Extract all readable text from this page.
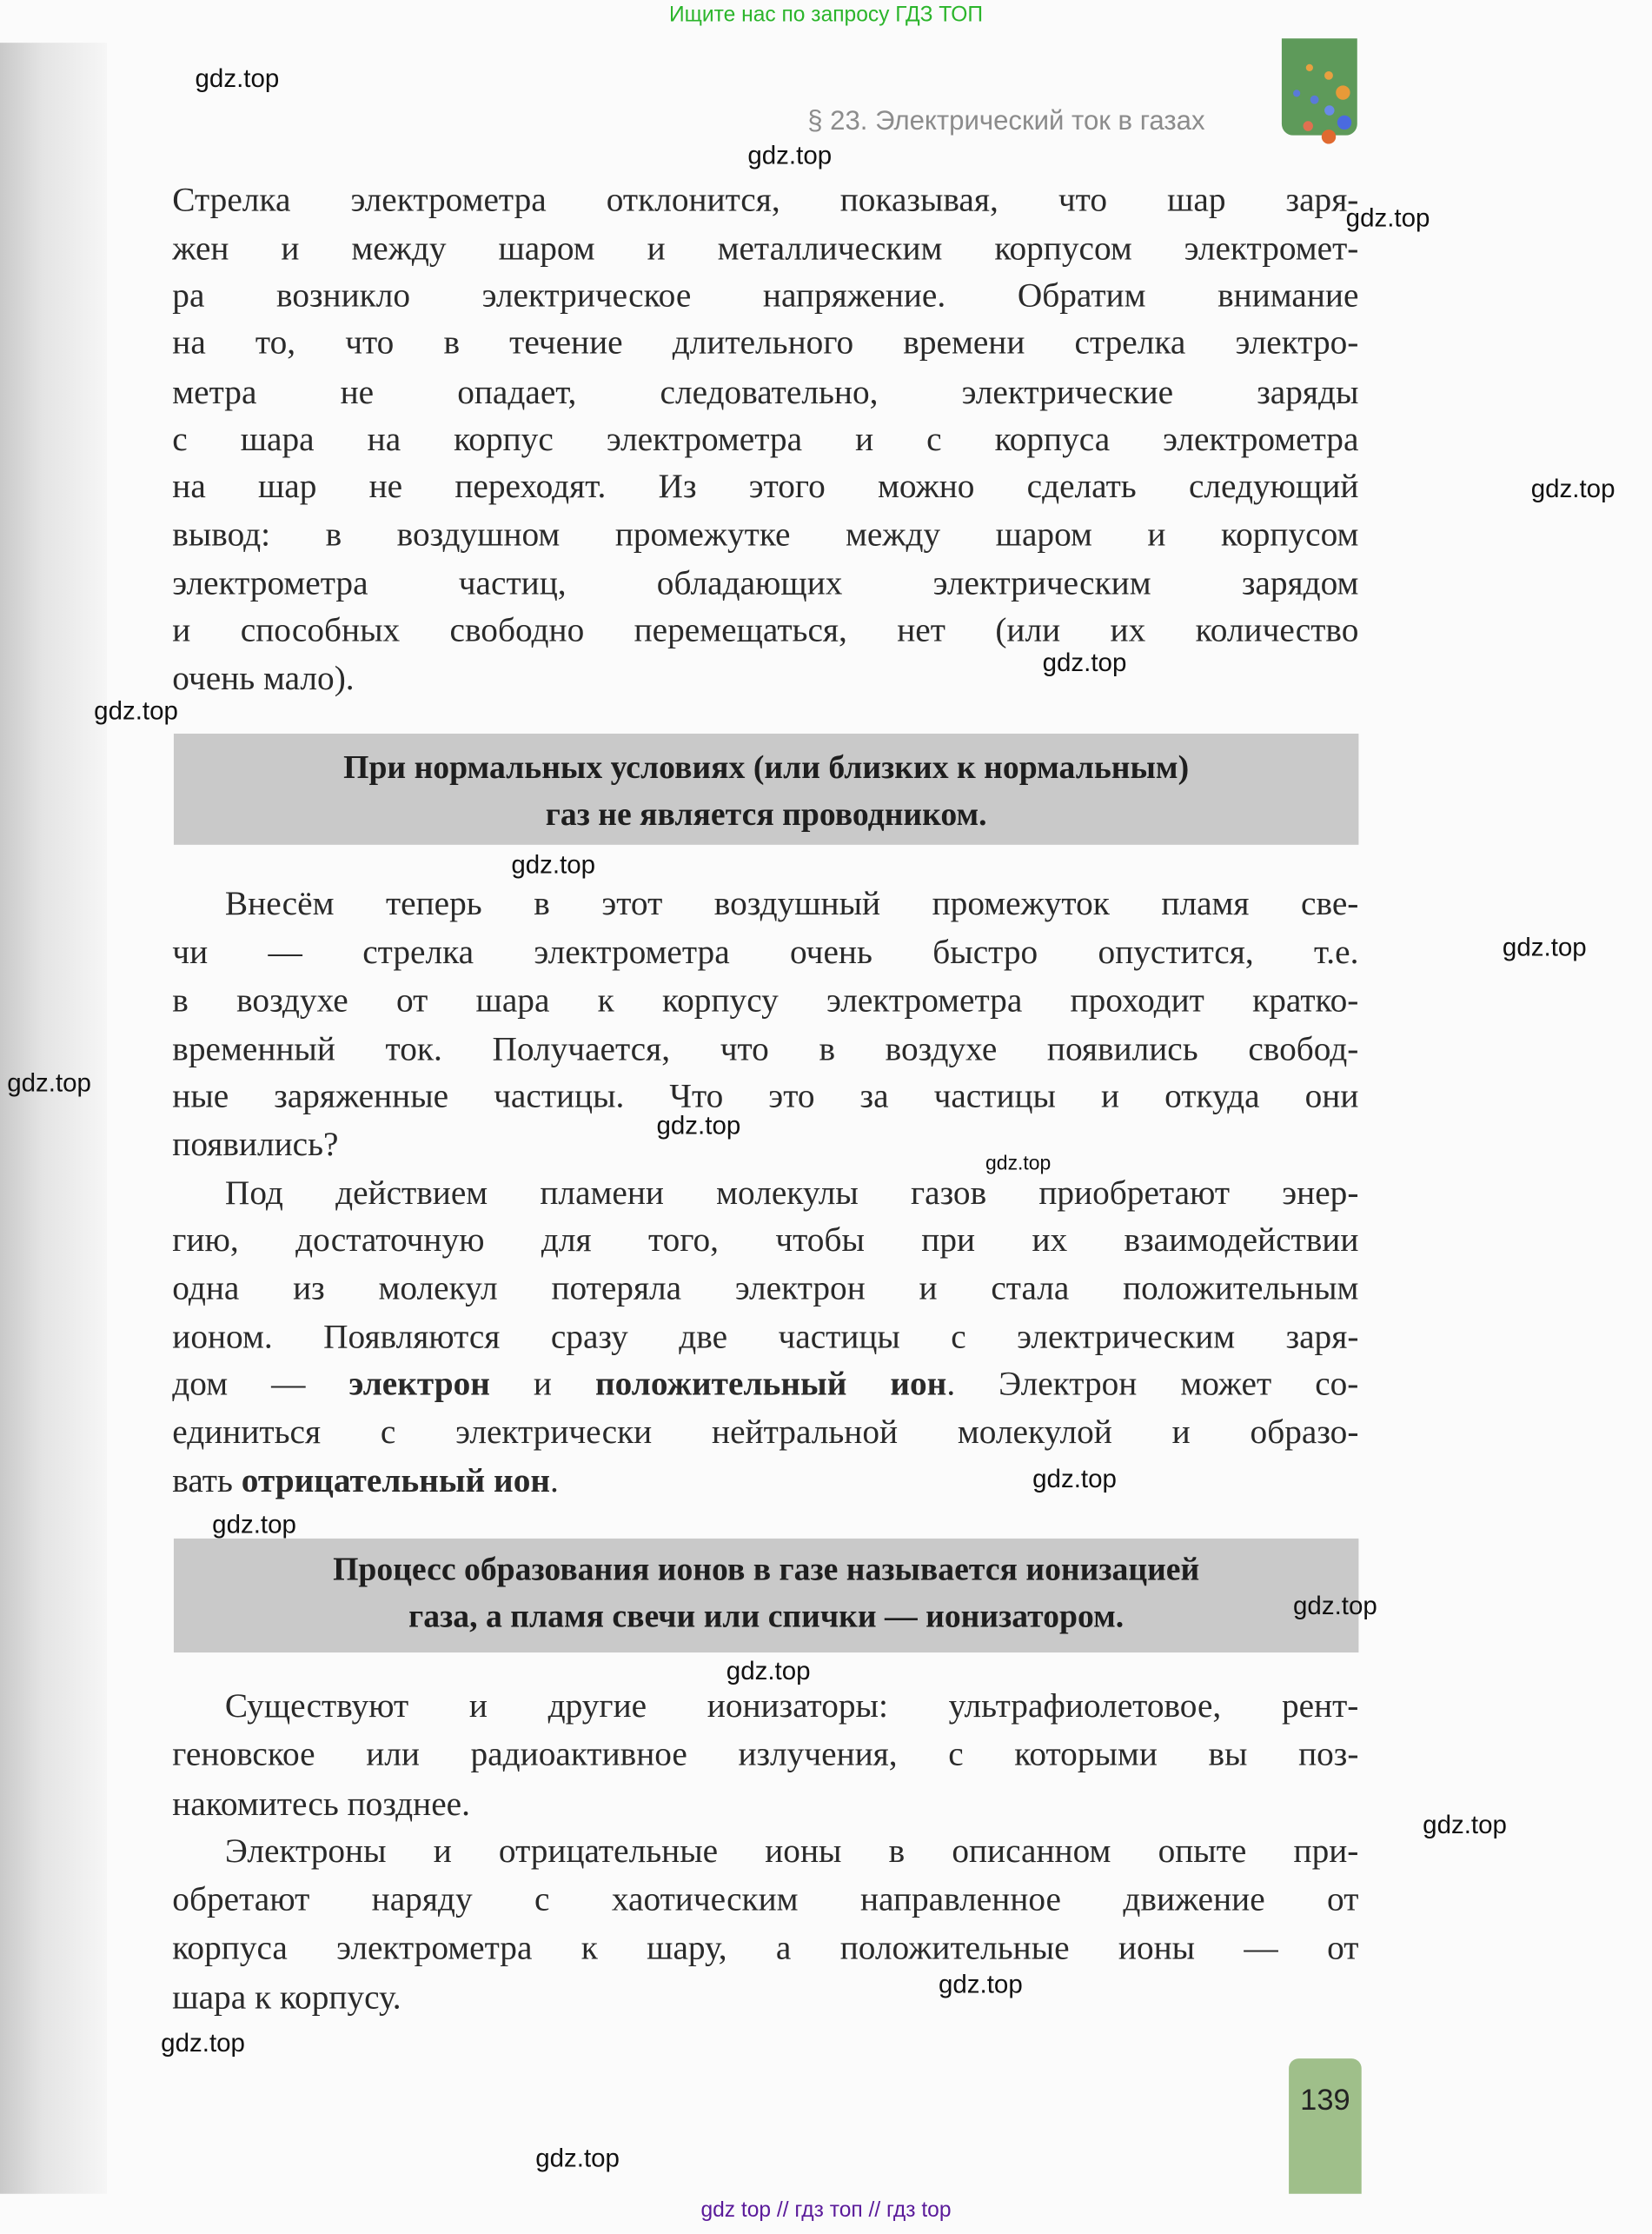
Ищите нас по запросу ГДЗ ТОП
§ 23. Электрический ток в газах
Стрелка электрометра отклонится, показывая, что шар заря-
жен и между шаром и металлическим корпусом электромет-
ра возникло электрическое напряжение. Обратим внимание
на то, что в течение длительного времени стрелка электро-
метра не опадает, следовательно, электрические заряды
с шара на корпус электрометра и с корпуса электрометра
на шар не переходят. Из этого можно сделать следующий
вывод: в воздушном промежутке между шаром и корпусом
электрометра частиц, обладающих электрическим зарядом
и способных свободно перемещаться, нет (или их количество
очень мало).
Внесём теперь в этот воздушный промежуток пламя све-
чи — стрелка электрометра очень быстро опустится, т.е.
в воздухе от шара к корпусу электрометра проходит кратко-
временный ток. Получается, что в воздухе появились свобод-
ные заряженные частицы. Что это за частицы и откуда они
появились?
Под действием пламени молекулы газов приобретают энер-
гию, достаточную для того, чтобы при их взаимодействии
одна из молекул потеряла электрон и стала положительным
ионом. Появляются сразу две частицы с электрическим заря-
дом — электрон и положительный ион. Электрон может со-
единиться с электрически нейтральной молекулой и образо-
вать отрицательный ион.
Существуют и другие ионизаторы: ультрафиолетовое, рент-
геновское или радиоактивное излучения, с которыми вы поз-
накомитесь позднее.
Электроны и отрицательные ионы в описанном опыте при-
обретают наряду с хаотическим направленное движение от
корпуса электрометра к шару, а положительные ионы — от
шара к корпусу.
При нормальных условиях (или близких к нормальным)
газ не является проводником.
Процесс образования ионов в газе называется ионизацией
газа, а пламя свечи или спички — ионизатором.
139
gdz.top
gdz.top
gdz.top
gdz.top
gdz.top
gdz.top
gdz.top
gdz.top
gdz.top
gdz.top
gdz.top
gdz.top
gdz.top
gdz.top
gdz.top
gdz.top
gdz.top
gdz.top
gdz.top
gdz top // гдз топ // гдз top
